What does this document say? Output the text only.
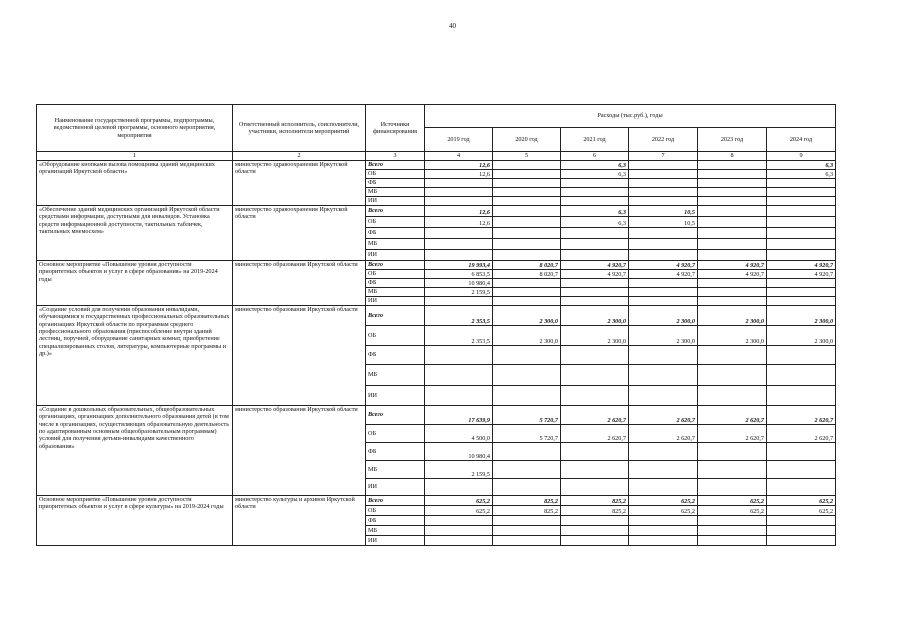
40
Наименование государственной программы, подпрограммы, ведомственной целевой программы, основного мероприятия, мероприятия	Ответственный исполнитель, соисполнители, участники, исполнители мероприятий	Источники финансирования	Расходы (тыс.руб.), годы					
			2019 год	2020 год	2021 год	2022 год	2023 год	2024 год
1	2	3	4	5	6	7	8	9
«Оборудование кнопками вызова помощника зданий медицинских организаций Иркутской области»	министерство здравоохранения Иркутской области	Всего	12,6		6,3			6,3
		ОБ	12,6		6,3			6,3
		ФБ						
		МБ						
		ИИ						
«Обеспечение зданий медицинских организаций Иркутской области средствами информации, доступными для инвалидов. Установка средств информационной доступности, тактильных табличек, тактильных мнемосхем»	министерство здравоохранения Иркутской области	Всего	12,6		6,3	10,5		
		ОБ	12,6		6,3	10,5		
		ФБ						
		МБ						
		ИИ						
Основное мероприятие «Повышение уровня доступности приоритетных объектов и услуг в сфере образования» на 2019-2024 годы	министерство образования Иркутской области	Всего	19 993,4	8 020,7	4 920,7	4 920,7	4 920,7	4 920,7
		ОБ	6 853,5	8 020,7	4 920,7	4 920,7	4 920,7	4 920,7
		ФБ	10 980,4					
		МБ	2 159,5					
		ИИ						
«Создание условий для получения образования инвалидами, обучающимися в государственных профессиональных образовательных организациях Иркутской области по программам среднего профессионального образования (приспособление внутри зданий лестниц, поручней, оборудование санитарных комнат, приобретение специализированных столов, литературы, компьютерные программы и др.)»	министерство образования Иркутской области	Всего	2 353,5	2 300,0	2 300,0	2 300,0	2 300,0	2 300,0
		ОБ	2 353,5	2 300,0	2 300,0	2 300,0	2 300,0	2 300,0
		ФБ						
		МБ						
		ИИ						
«Создание в дошкольных образовательных, общеобразовательных организациях, организациях дополнительного образования детей (в том числе в организациях, осуществляющих образовательную деятельность по адаптированным основным общеобразовательным программам) условий для получения детьми-инвалидами качественного образования»	министерство образования Иркутской области	Всего	17 639,9	5 720,7	2 620,7	2 620,7	2 620,7	2 620,7
		ОБ	4 500,0	5 720,7	2 620,7	2 620,7	2 620,7	2 620,7
		ФБ	10 980,4					
		МБ	2 159,5					
		ИИ						
Основное мероприятие «Повышение уровня доступности приоритетных объектов и услуг в сфере культуры» на 2019-2024 годы	министерство культуры и архивов Иркутской области	Всего	625,2	825,2	825,2	625,2	625,2	625,2
		ОБ	625,2	825,2	825,2	625,2	625,2	625,2
		ФБ						
		МБ						
		ИИ						
